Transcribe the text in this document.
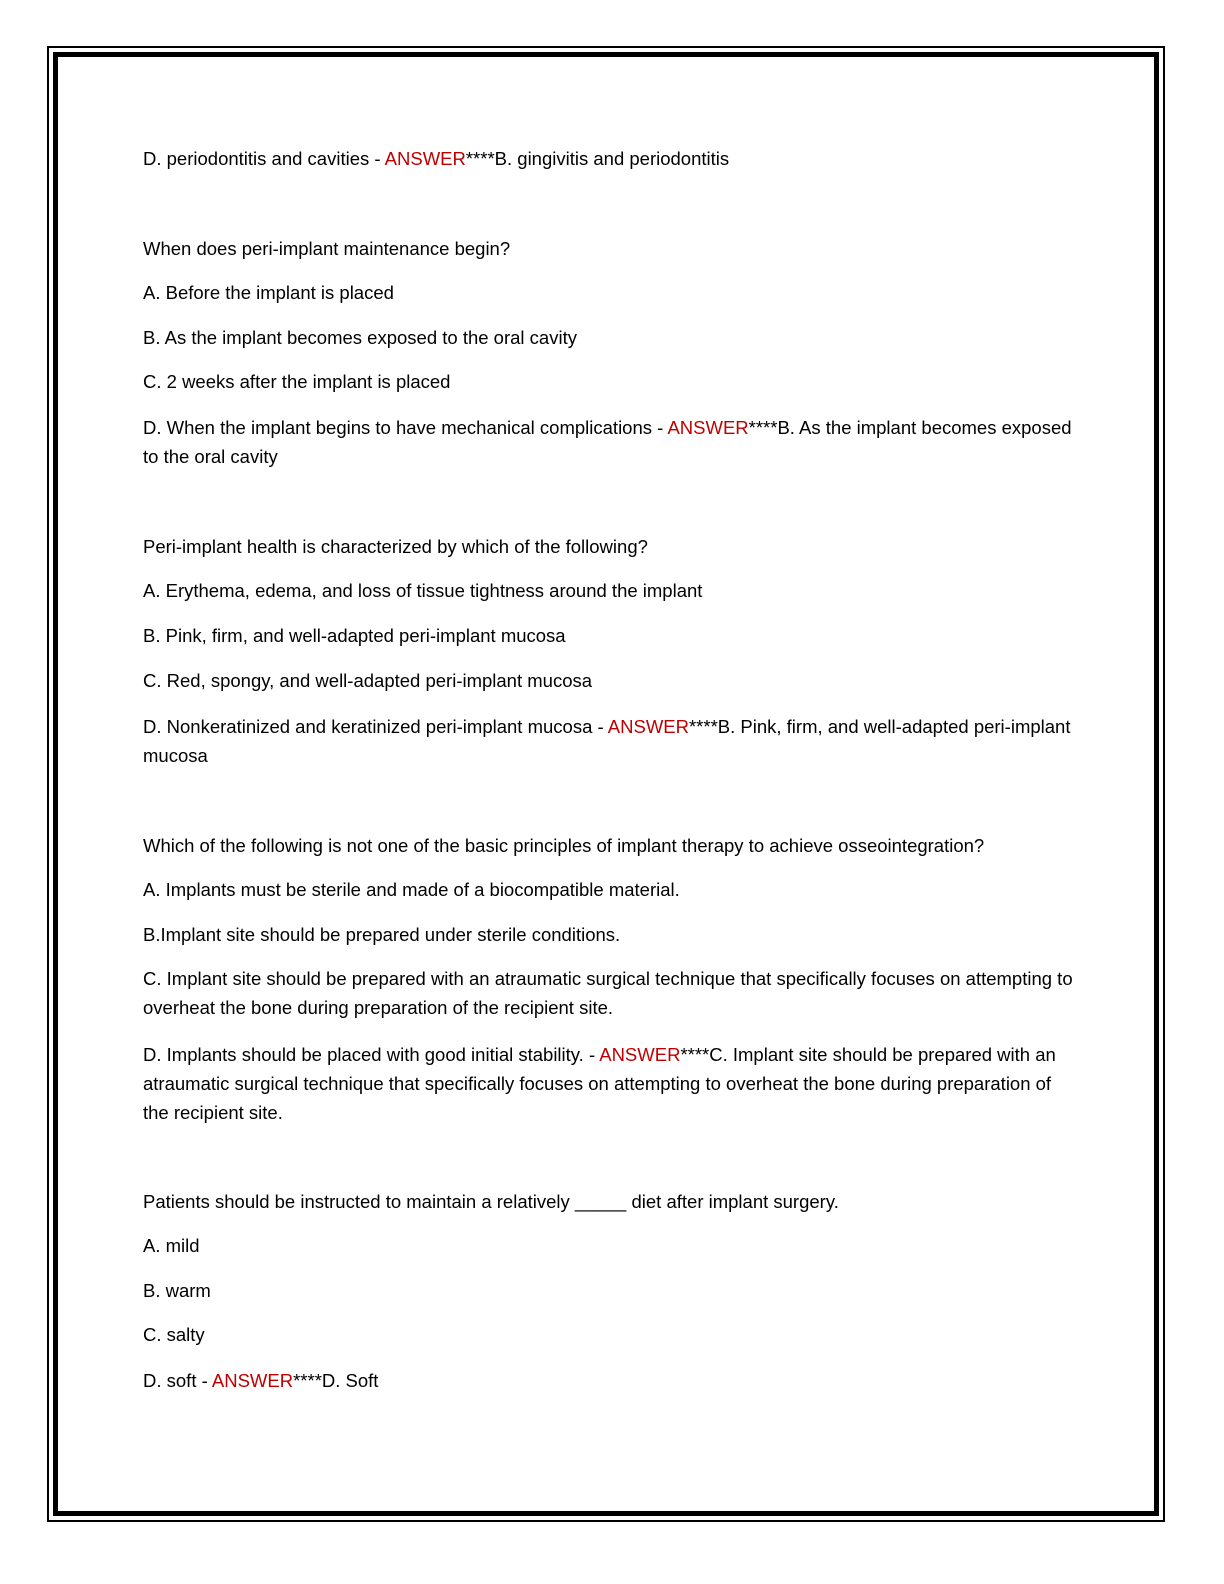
D. periodontitis and cavities - ANSWER****B. gingivitis and periodontitis
When does peri-implant maintenance begin?
A. Before the implant is placed
B. As the implant becomes exposed to the oral cavity
C. 2 weeks after the implant is placed
D. When the implant begins to have mechanical complications - ANSWER****B. As the implant becomes exposed to the oral cavity
Peri-implant health is characterized by which of the following?
A. Erythema, edema, and loss of tissue tightness around the implant
B. Pink, firm, and well-adapted peri-implant mucosa
C. Red, spongy, and well-adapted peri-implant mucosa
D. Nonkeratinized and keratinized peri-implant mucosa - ANSWER****B. Pink, firm, and well-adapted peri-implant mucosa
Which of the following is not one of the basic principles of implant therapy to achieve osseointegration?
A. Implants must be sterile and made of a biocompatible material.
B.Implant site should be prepared under sterile conditions.
C. Implant site should be prepared with an atraumatic surgical technique that specifically focuses on attempting to overheat the bone during preparation of the recipient site.
D. Implants should be placed with good initial stability. - ANSWER****C. Implant site should be prepared with an atraumatic surgical technique that specifically focuses on attempting to overheat the bone during preparation of the recipient site.
Patients should be instructed to maintain a relatively _____ diet after implant surgery.
A. mild
B. warm
C. salty
D. soft - ANSWER****D. Soft
